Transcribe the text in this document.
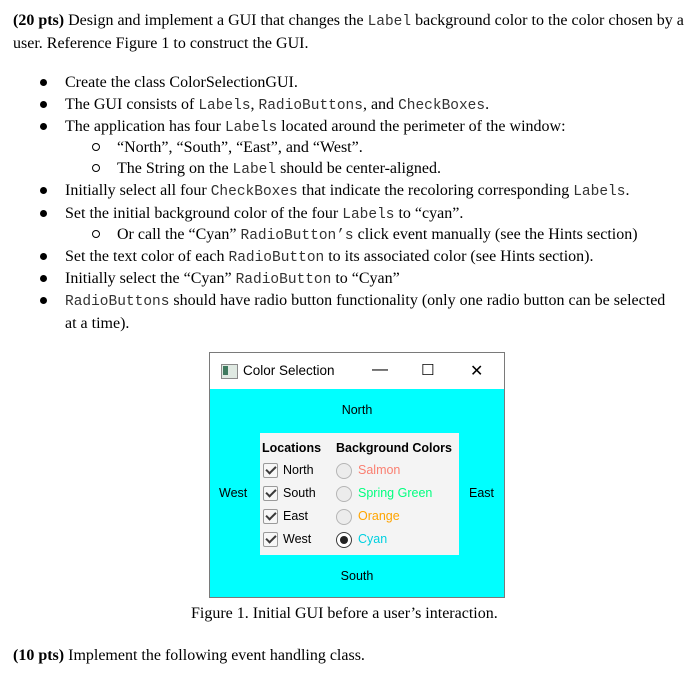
(20 pts) Design and implement a GUI that changes the Label background color to the color chosen by a user. Reference Figure 1 to construct the GUI.

Create the class ColorSelectionGUI.
The GUI consists of Labels, RadioButtons, and CheckBoxes.
The application has four Labels located around the perimeter of the window:
“North”, “South”, “East”, and “West”.
The String on the Label should be center-aligned.
Initially select all four CheckBoxes that indicate the recoloring corresponding Labels.
Set the initial background color of the four Labels to “cyan”.
Or call the “Cyan” RadioButton’s click event manually (see the Hints section)
Set the text color of each RadioButton to its associated color (see Hints section).
Initially select the “Cyan” RadioButton to “Cyan”
RadioButtons should have radio button functionality (only one radio button can be selected at a time).
Color Selection — ☐ ✕
North
West	East
South
Locations Background Colors
North
South
East
West
Salmon
Spring Green
Orange
Cyan

Figure 1. Initial GUI before a user’s interaction.

(10 pts) Implement the following event handling class.
